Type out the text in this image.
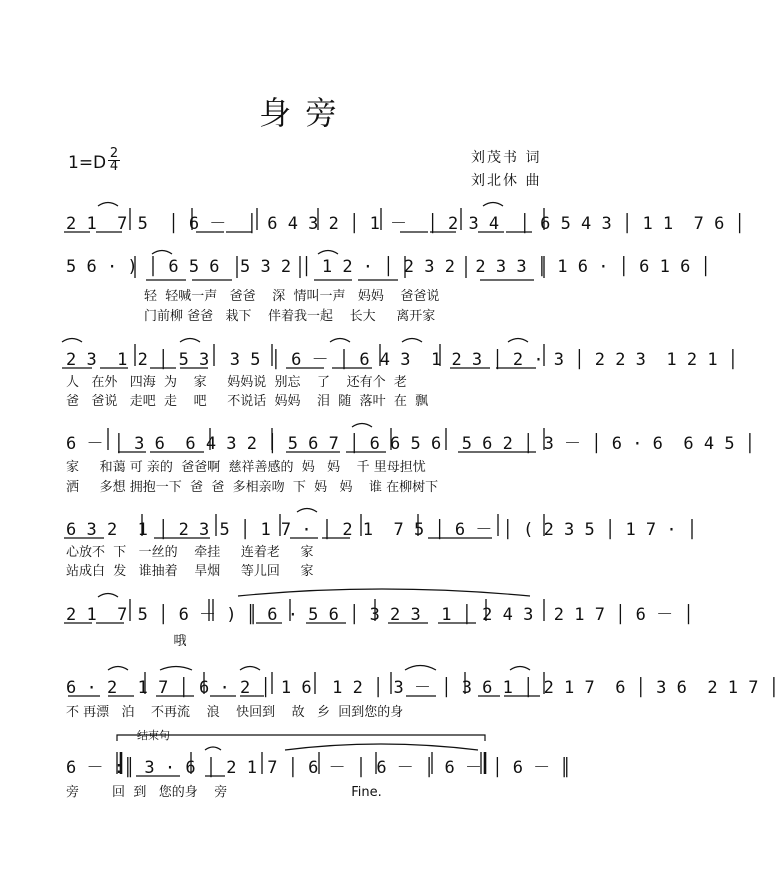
身旁
$1=D \frac{2}{4}$	刘茂书 词
刘北休 曲
2 1  7 5  │ 6 －  │ 6 4 3 2 │ 1 －  │ 2 3 4  │ 6 5 4 3 │ 1 1  7 6 │
5 6 · ) │ 6 5 6  5 3 2 │ 1 2 · │ 2 3 2  2 3 3 │ 1 6 · │ 6 1 6 │
轻  轻喊一声   爸爸    深  情叫一声   妈妈    爸爸说
门前柳 爸爸   栽下    伴着我一起    长大     离开家
2 3  1 2 │ 5 3  3 5 │ 6 － │ 6 4 3  1 2 3 │ 2 · 3 │ 2 2 3  1 2 1 │
人   在外   四海  为    家     妈妈说  别忘    了    还有个  老
爸   爸说   走吧  走    吧     不说话  妈妈    泪  随  落叶  在  飘
6 － │ 3 6  6 4 3 2 │ 5 6 7 │ 6 6 5 6  5 6 2 │ 3 － │ 6 · 6  6 4 5 │
家     和蔼 可 亲的  爸爸啊  慈祥善感的  妈   妈    千 里母担忧
洒     多想 拥抱一下  爸  爸  多相亲吻  下  妈   妈    谁 在柳树下
6 3 2  1 │ 2 3 5 │ 1 7 · │ 2 1  7 5 │ 6 － │ ( 2 3 5 │ 1 7 · │
心放不  下   一丝的    牵挂     连着老     家
站成白  发   谁抽着    旱烟     等儿回     家
2 1  7 5 │ 6 － ) ║ 6 · 5 6 │ 3 2 3  1 │ 2 4 3  2 1 7 │ 6 － │
哦
6 · 2  1 7 │ 6 · 2 │ 1 6  1 2 │ 3 － │ 3 6 1 │ 2 1 7  6 │ 3 6  2 1 7 │
不 再漂   泊    不再流    浪    快回到    故   乡  回到您的身
结束句
6 － :║ 3 · 6 │ 2 1 7 │ 6 － │ 6 － │ 6 － │ 6 － ║
旁        回  到   您的身    旁                              Fine.
